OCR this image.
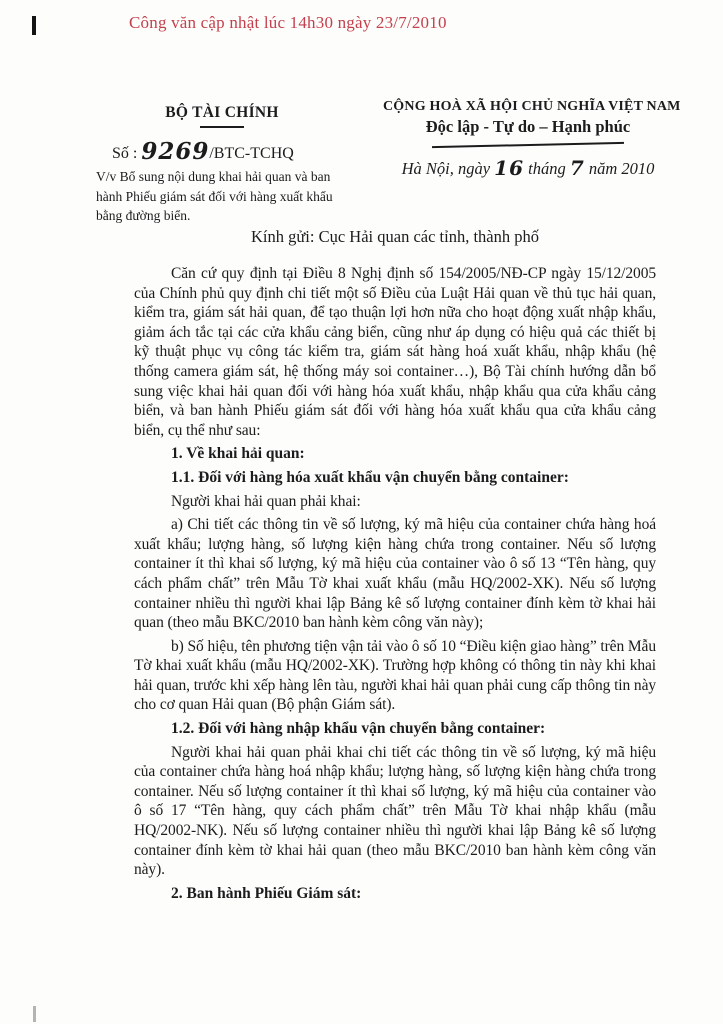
Công văn cập nhật lúc 14h30 ngày 23/7/2010
BỘ TÀI CHÍNH
Số : 9269/BTC-TCHQ
V/v Bổ sung nội dung khai hải quan và ban hành Phiếu giám sát đối với hàng xuất khẩu bằng đường biển.
CỘNG HOÀ XÃ HỘI CHỦ NGHĨA VIỆT NAM
Độc lập - Tự do – Hạnh phúc
Hà Nội, ngày 16 tháng 7 năm 2010
Kính gửi: Cục Hải quan các tỉnh, thành phố

Căn cứ quy định tại Điều 8 Nghị định số 154/2005/NĐ-CP ngày 15/12/2005 của Chính phủ quy định chi tiết một số Điều của Luật Hải quan về thủ tục hải quan, kiểm tra, giám sát hải quan, để tạo thuận lợi hơn nữa cho hoạt động xuất nhập khẩu, giảm ách tắc tại các cửa khẩu cảng biển, cũng như áp dụng có hiệu quả các thiết bị kỹ thuật phục vụ công tác kiểm tra, giám sát hàng hoá xuất khẩu, nhập khẩu (hệ thống camera giám sát, hệ thống máy soi container…), Bộ Tài chính hướng dẫn bổ sung việc khai hải quan đối với hàng hóa xuất khẩu, nhập khẩu qua cửa khẩu cảng biển, và ban hành Phiếu giám sát đối với hàng hóa xuất khẩu qua cửa khẩu cảng biển, cụ thể như sau:

1. Về khai hải quan:
1.1. Đối với hàng hóa xuất khẩu vận chuyển bằng container:

Người khai hải quan phải khai:

a) Chi tiết các thông tin về số lượng, ký mã hiệu của container chứa hàng hoá xuất khẩu; lượng hàng, số lượng kiện hàng chứa trong container. Nếu số lượng container ít thì khai số lượng, ký mã hiệu của container vào ô số 13 “Tên hàng, quy cách phẩm chất” trên Mẫu Tờ khai xuất khẩu (mẫu HQ/2002-XK). Nếu số lượng container nhiều thì người khai lập Bảng kê số lượng container đính kèm tờ khai hải quan (theo mẫu BKC/2010 ban hành kèm công văn này);

b) Số hiệu, tên phương tiện vận tải vào ô số 10 “Điều kiện giao hàng” trên Mẫu Tờ khai xuất khẩu (mẫu HQ/2002-XK). Trường hợp không có thông tin này khi khai hải quan, trước khi xếp hàng lên tàu, người khai hải quan phải cung cấp thông tin này cho cơ quan Hải quan (Bộ phận Giám sát).

1.2. Đối với hàng nhập khẩu vận chuyển bằng container:

Người khai hải quan phải khai chi tiết các thông tin về số lượng, ký mã hiệu của container chứa hàng hoá nhập khẩu; lượng hàng, số lượng kiện hàng chứa trong container. Nếu số lượng container ít thì khai số lượng, ký mã hiệu của container vào ô số 17 “Tên hàng, quy cách phẩm chất” trên Mẫu Tờ khai nhập khẩu (mẫu HQ/2002-NK). Nếu số lượng container nhiều thì người khai lập Bảng kê số lượng container đính kèm tờ khai hải quan (theo mẫu BKC/2010 ban hành kèm công văn này).

2. Ban hành Phiếu Giám sát:
